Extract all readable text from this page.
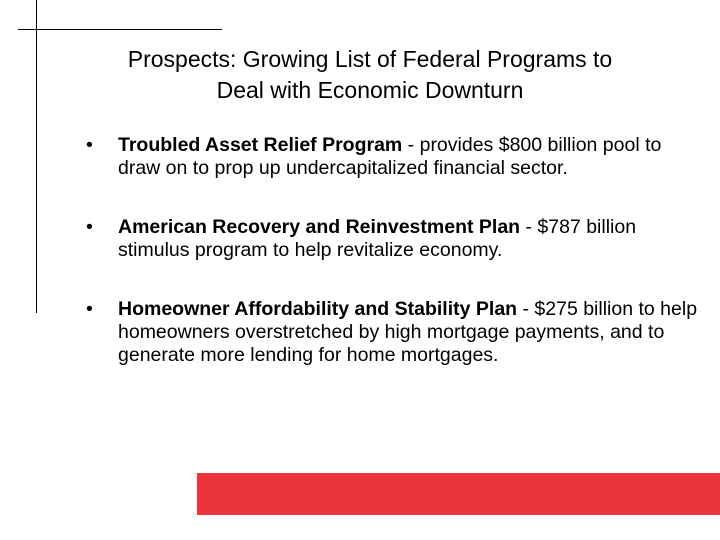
Prospects: Growing List of Federal Programs to
Deal with Economic Downturn
•	Troubled Asset Relief Program - provides $800 billion pool to draw on to prop up undercapitalized financial sector.
•	American Recovery and Reinvestment Plan - $787 billion stimulus program to help revitalize economy.
•	Homeowner Affordability and Stability Plan - $275 billion to help homeowners overstretched by high mortgage payments, and to generate more lending for home mortgages.
